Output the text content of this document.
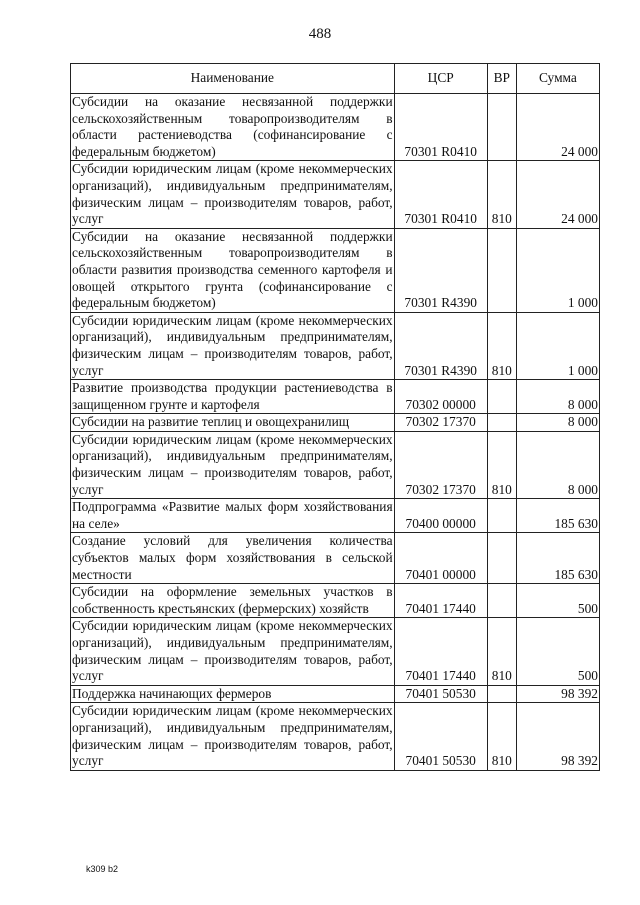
488
Наименование	ЦСР	ВР	Сумма
Субсидии на оказание несвязанной поддержки сельскохозяйственным товаропроизводителям в области растениеводства (софинансирование с федеральным бюджетом)	70301 R0410		24 000
Субсидии юридическим лицам (кроме некоммерческих организаций), индивидуальным предпринимателям, физическим лицам – производителям товаров, работ, услуг	70301 R0410	810	24 000
Субсидии на оказание несвязанной поддержки сельскохозяйственным товаропроизводителям в области развития производства семенного картофеля и овощей открытого грунта (софинансирование с федеральным бюджетом)	70301 R4390		1 000
Субсидии юридическим лицам (кроме некоммерческих организаций), индивидуальным предпринимателям, физическим лицам – производителям товаров, работ, услуг	70301 R4390	810	1 000
Развитие производства продукции растениеводства в защищенном грунте и картофеля	70302 00000		8 000
Субсидии на развитие теплиц и овощехранилищ	70302 17370		8 000
Субсидии юридическим лицам (кроме некоммерческих организаций), индивидуальным предпринимателям, физическим лицам – производителям товаров, работ, услуг	70302 17370	810	8 000
Подпрограмма «Развитие малых форм хозяйствования на селе»	70400 00000		185 630
Создание условий для увеличения количества субъектов малых форм хозяйствования в сельской местности	70401 00000		185 630
Субсидии на оформление земельных участков в собственность крестьянских (фермерских) хозяйств	70401 17440		500
Субсидии юридическим лицам (кроме некоммерческих организаций), индивидуальным предпринимателям, физическим лицам – производителям товаров, работ, услуг	70401 17440	810	500
Поддержка начинающих фермеров	70401 50530		98 392
Субсидии юридическим лицам (кроме некоммерческих организаций), индивидуальным предпринимателям, физическим лицам – производителям товаров, работ, услуг	70401 50530	810	98 392
k309 b2
